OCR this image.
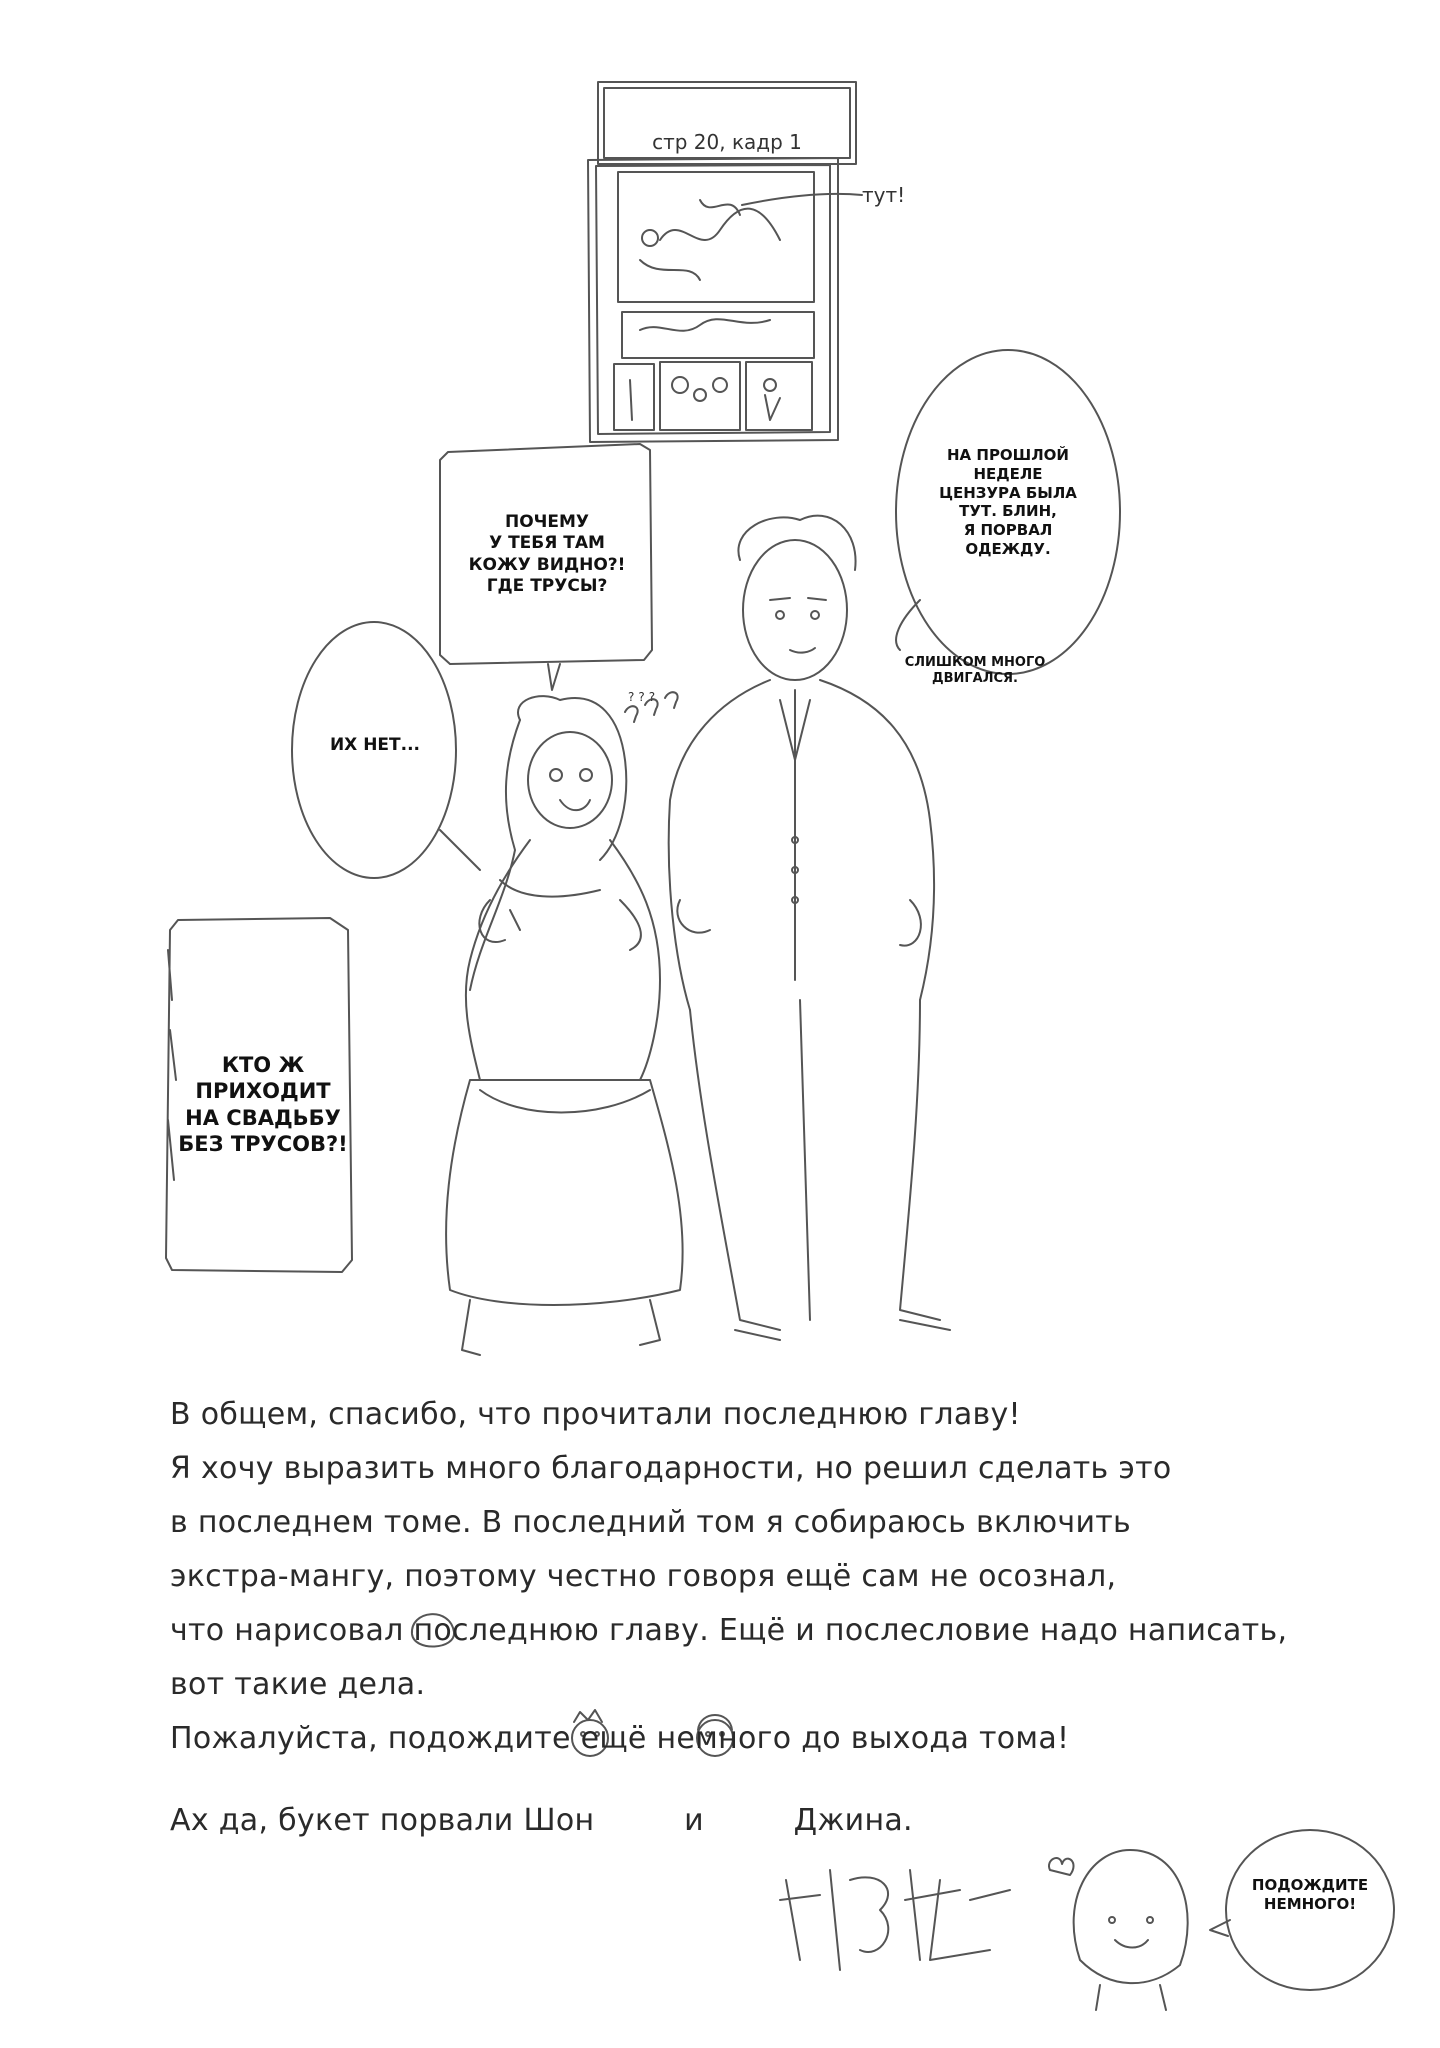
стр 20, кадр 1
тут!
ПОЧЕМУ
У ТЕБЯ ТАМ
КОЖУ ВИДНО?!
ГДЕ ТРУСЫ?
ИХ НЕТ...
КТО Ж
ПРИХОДИТ
НА СВАДЬБУ
БЕЗ ТРУСОВ?!
НА ПРОШЛОЙ
НЕДЕЛЕ
ЦЕНЗУРА БЫЛА
ТУТ. БЛИН,
Я ПОРВАЛ
ОДЕЖДУ.
СЛИШКОМ МНОГО
ДВИГАЛСЯ.
ПОДОЖДИТЕ
НЕМНОГО!
???
В общем, спасибо, что прочитали последнюю главу!
Я хочу выразить много благодарности, но решил сделать это
в последнем томе. В последний том я собираюсь включить
экстра-мангу, поэтому честно говоря ещё сам не осознал,
что нарисовал последнюю главу. Ещё и послесловие надо написать,
вот такие дела.
Пожалуйста, подождите ещё немного до выхода тома!
Ах да, букет порвали Шон	и	Джина.
